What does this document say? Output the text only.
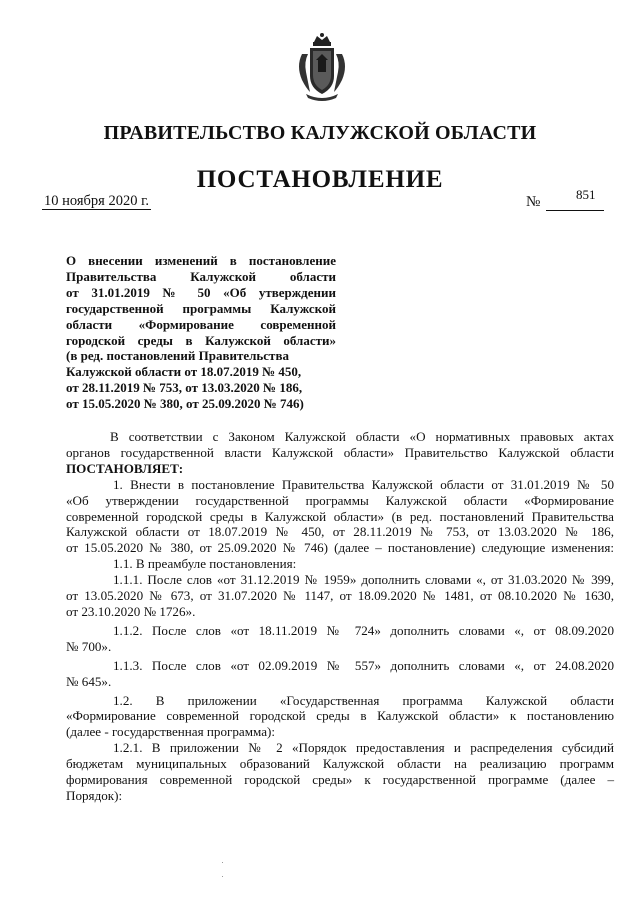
ПРАВИТЕЛЬСТВО КАЛУЖСКОЙ ОБЛАСТИ
ПОСТАНОВЛЕНИЕ
10 ноября 2020 г.	№	851
О внесении изменений в постановление
Правительства Калужской области
от 31.01.2019 № 50 «Об утверждении
государственной программы Калужской
области «Формирование современной
городской среды в Калужской области»
(в ред. постановлений Правительства
Калужской области от 18.07.2019 № 450,
от 28.11.2019 № 753, от 13.03.2020 № 186,
от 15.05.2020 № 380, от 25.09.2020 № 746)
В соответствии с Законом Калужской области «О нормативных правовых актах
органов государственной власти Калужской области» Правительство Калужской области
ПОСТАНОВЛЯЕТ:
1. Внести в постановление Правительства Калужской области от 31.01.2019 № 50
«Об утверждении государственной программы Калужской области «Формирование
современной городской среды в Калужской области» (в ред. постановлений Правительства
Калужской области от 18.07.2019 № 450, от 28.11.2019 № 753, от 13.03.2020 № 186,
от 15.05.2020 № 380, от 25.09.2020 № 746) (далее – постановление) следующие изменения:
1.1. В преамбуле постановления:
1.1.1. После слов «от 31.12.2019 № 1959» дополнить словами «, от 31.03.2020 № 399,
от 13.05.2020 № 673, от 31.07.2020 № 1147, от 18.09.2020 № 1481, от 08.10.2020 № 1630,
от 23.10.2020 № 1726».
1.1.2. После слов «от 18.11.2019 № 724» дополнить словами «, от 08.09.2020
№ 700».
1.1.3. После слов «от 02.09.2019 № 557» дополнить словами «, от 24.08.2020
№ 645».
1.2. В приложении «Государственная программа Калужской области
«Формирование современной городской среды в Калужской области» к постановлению
(далее - государственная программа):
1.2.1. В приложении № 2 «Порядок предоставления и распределения субсидий
бюджетам муниципальных образований Калужской области на реализацию программ
формирования современной городской среды» к государственной программе (далее –
Порядок):
